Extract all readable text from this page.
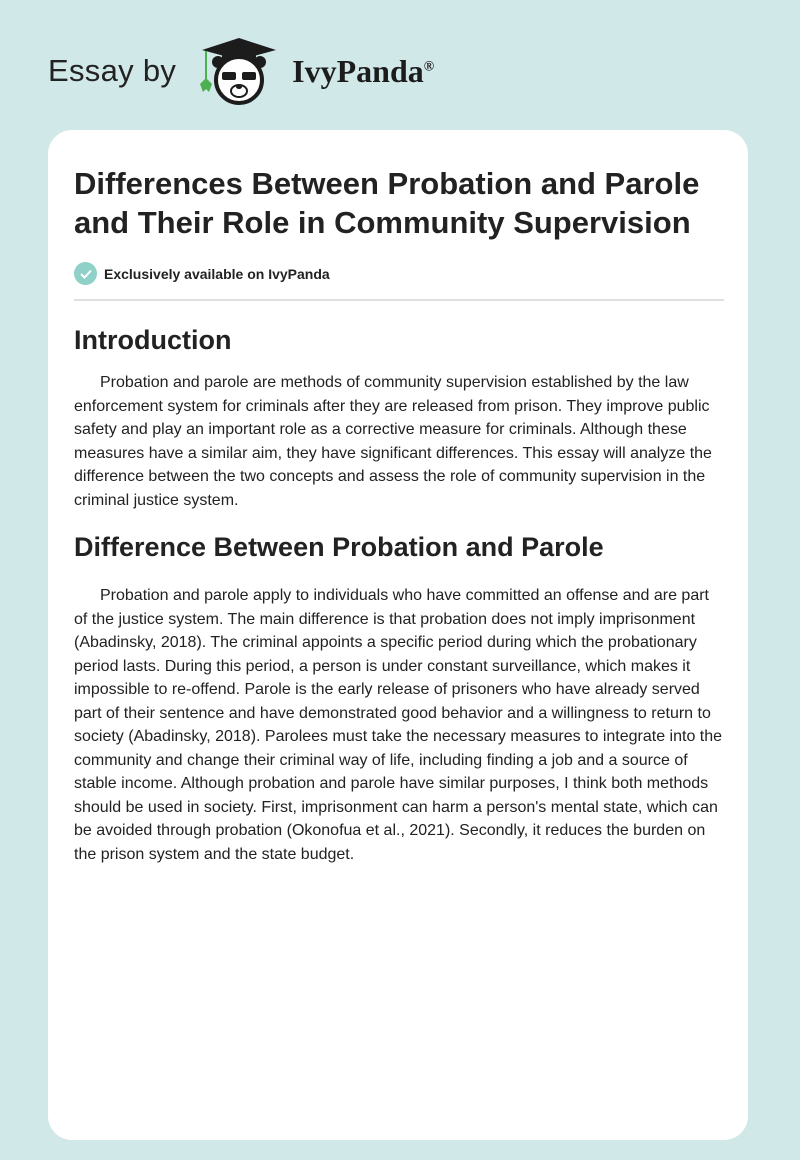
Essay by	IvyPanda®
Differences Between Probation and Parole and Their Role in Community Supervision
Exclusively available on IvyPanda
Introduction

Probation and parole are methods of community supervision established by the law enforcement system for criminals after they are released from prison. They improve public safety and play an important role as a corrective measure for criminals. Although these measures have a similar aim, they have significant differences. This essay will analyze the difference between the two concepts and assess the role of community supervision in the criminal justice system.

Difference Between Probation and Parole

Probation and parole apply to individuals who have committed an offense and are part of the justice system. The main difference is that probation does not imply imprisonment (Abadinsky, 2018). The criminal appoints a specific period during which the probationary period lasts. During this period, a person is under constant surveillance, which makes it impossible to re-offend. Parole is the early release of prisoners who have already served part of their sentence and have demonstrated good behavior and a willingness to return to society (Abadinsky, 2018). Parolees must take the necessary measures to integrate into the community and change their criminal way of life, including finding a job and a source of stable income. Although probation and parole have similar purposes, I think both methods should be used in society. First, imprisonment can harm a person's mental state, which can be avoided through probation (Okonofua et al., 2021). Secondly, it reduces the burden on the prison system and the state budget.
